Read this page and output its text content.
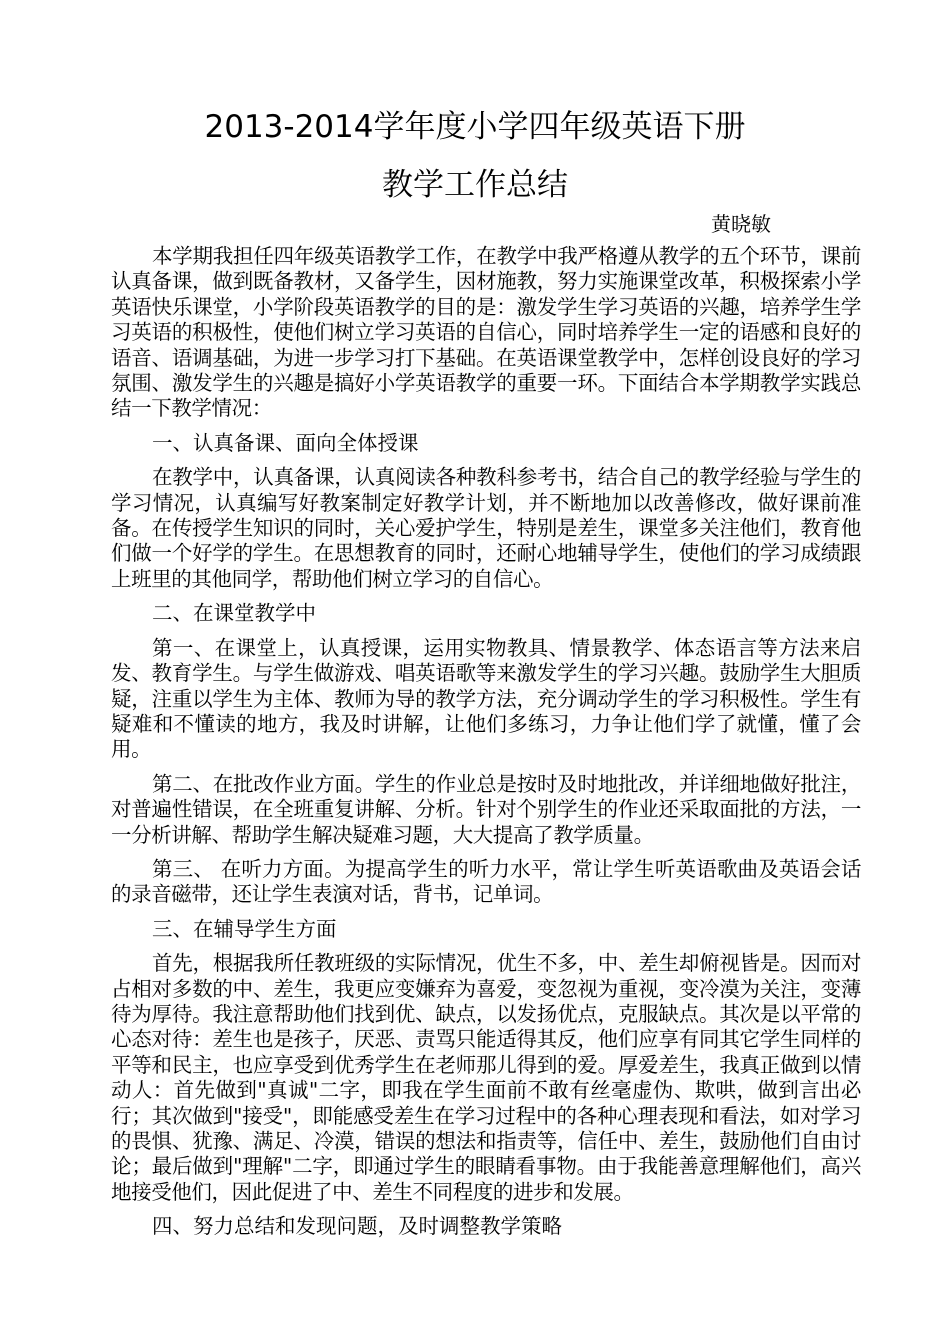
2013-2014学年度小学四年级英语下册
教学工作总结
黄晓敏

本学期我担任四年级英语教学工作，在教学中我严格遵从教学的五个环节，课前认真备课，做到既备教材，又备学生，因材施教，努力实施课堂改革，积极探索小学英语快乐课堂，小学阶段英语教学的目的是：激发学生学习英语的兴趣，培养学生学习英语的积极性，使他们树立学习英语的自信心，同时培养学生一定的语感和良好的语音、语调基础，为进一步学习打下基础。在英语课堂教学中，怎样创设良好的学习氛围、激发学生的兴趣是搞好小学英语教学的重要一环。下面结合本学期教学实践总结一下教学情况：

一、认真备课、面向全体授课

在教学中，认真备课，认真阅读各种教科参考书，结合自己的教学经验与学生的学习情况，认真编写好教案制定好教学计划，并不断地加以改善修改，做好课前准备。在传授学生知识的同时，关心爱护学生，特别是差生，课堂多关注他们，教育他们做一个好学的学生。在思想教育的同时，还耐心地辅导学生，使他们的学习成绩跟上班里的其他同学，帮助他们树立学习的自信心。

二、在课堂教学中

第一、在课堂上，认真授课，运用实物教具、情景教学、体态语言等方法来启发、教育学生。与学生做游戏、唱英语歌等来激发学生的学习兴趣。鼓励学生大胆质疑，注重以学生为主体、教师为导的教学方法，充分调动学生的学习积极性。学生有疑难和不懂读的地方，我及时讲解，让他们多练习，力争让他们学了就懂，懂了会用。

第二、在批改作业方面。学生的作业总是按时及时地批改，并详细地做好批注，对普遍性错误，在全班重复讲解、分析。针对个别学生的作业还采取面批的方法，一一分析讲解、帮助学生解决疑难习题，大大提高了教学质量。

第三、 在听力方面。为提高学生的听力水平，常让学生听英语歌曲及英语会话的录音磁带，还让学生表演对话，背书，记单词。

三、在辅导学生方面

首先，根据我所任教班级的实际情况，优生不多，中、差生却俯视皆是。因而对占相对多数的中、差生，我更应变嫌弃为喜爱，变忽视为重视，变冷漠为关注，变薄待为厚待。我注意帮助他们找到优、缺点，以发扬优点，克服缺点。其次是以平常的心态对待：差生也是孩子，厌恶、责骂只能适得其反，他们应享有同其它学生同样的平等和民主，也应享受到优秀学生在老师那儿得到的爱。厚爱差生，我真正做到以情动人：首先做到"真诚"二字，即我在学生面前不敢有丝毫虚伪、欺哄，做到言出必行；其次做到"接受"，即能感受差生在学习过程中的各种心理表现和看法，如对学习的畏惧、犹豫、满足、冷漠，错误的想法和指责等，信任中、差生，鼓励他们自由讨论；最后做到"理解"二字，即通过学生的眼睛看事物。由于我能善意理解他们，高兴地接受他们，因此促进了中、差生不同程度的进步和发展。

四、努力总结和发现问题，及时调整教学策略
